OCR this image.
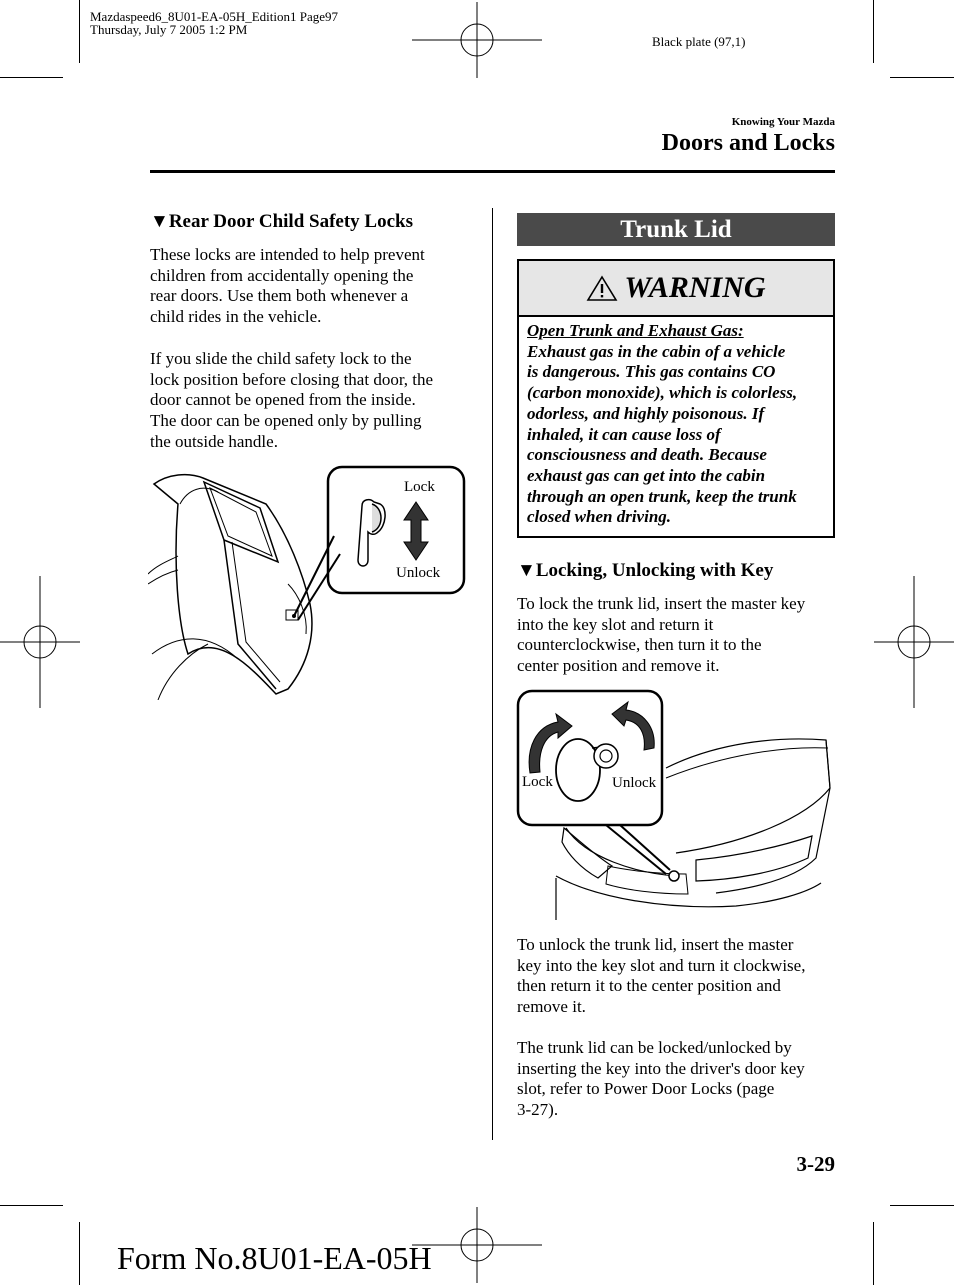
Mazdaspeed6_8U01-EA-05H_Edition1 Page97
Thursday, July 7 2005 1:2 PM
Black plate (97,1)
Knowing Your Mazda
Doors and Locks
▼Rear Door Child Safety Locks
These locks are intended to help prevent
children from accidentally opening the
rear doors. Use them both whenever a
child rides in the vehicle.
If you slide the child safety lock to the
lock position before closing that door, the
door cannot be opened from the inside.
The door can be opened only by pulling
the outside handle.
Lock
Unlock
Trunk Lid
WARNING
Open Trunk and Exhaust Gas:
Exhaust gas in the cabin of a vehicle
is dangerous. This gas contains CO
(carbon monoxide), which is colorless,
odorless, and highly poisonous. If
inhaled, it can cause loss of
consciousness and death. Because
exhaust gas can get into the cabin
through an open trunk, keep the trunk
closed when driving.
▼Locking, Unlocking with Key
To lock the trunk lid, insert the master key
into the key slot and return it
counterclockwise, then turn it to the
center position and remove it.
Lock	Unlock
To unlock the trunk lid, insert the master
key into the key slot and turn it clockwise,
then return it to the center position and
remove it.
The trunk lid can be locked/unlocked by
inserting the key into the driver's door key
slot, refer to Power Door Locks (page
3-27).
3-29
Form No.8U01-EA-05H
